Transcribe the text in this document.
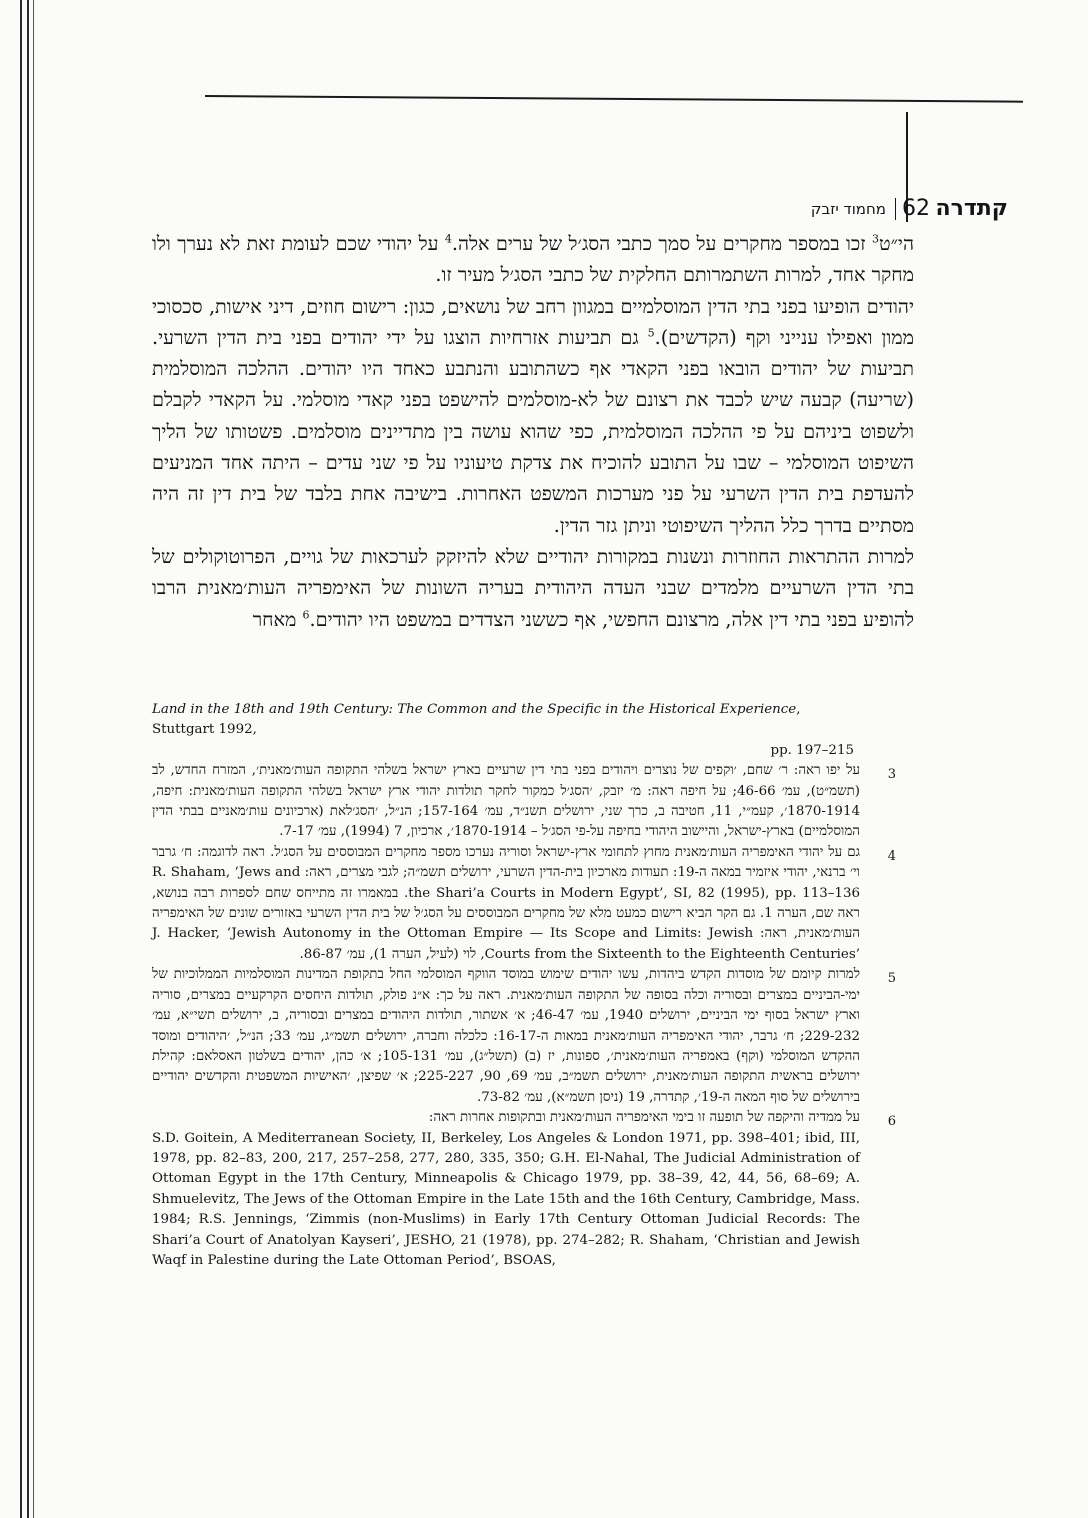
קתדרה
62
מחמוד יזבק

הי״ט$^3$ זכו במספר מחקרים על סמך כתבי הסג׳ל של ערים אלה.$^4$ על יהודי שכם לעומת זאת לא נערך ולו מחקר אחד, למרות השתמרותם החלקית של כתבי הסג׳ל מעיר זו.

יהודים הופיעו בפני בתי הדין המוסלמיים במגוון רחב של נושאים, כגון: רישום חוזים, דיני אישות, סכסוכי ממון ואפילו ענייני וקף (הקדשים).$^5$ גם תביעות אזרחיות הוצגו על ידי יהודים בפני בית הדין השרעי. תביעות של יהודים הובאו בפני הקאדי אף כשהתובע והנתבע כאחד היו יהודים. ההלכה המוסלמית (שריעה) קבעה שיש לכבד את רצונם של לא-מוסלמים להישפט בפני קאדי מוסלמי. על הקאדי לקבלם ולשפוט ביניהם על פי ההלכה המוסלמית, כפי שהוא עושה בין מתדיינים מוסלמים. פשטותו של הליך השיפוט המוסלמי – שבו על התובע להוכיח את צדקת טיעוניו על פי שני עדים – היתה אחד המניעים להעדפת בית הדין השרעי על פני מערכות המשפט האחרות. בישיבה אחת בלבד של בית דין זה היה מסתיים בדרך כלל ההליך השיפוטי וניתן גזר הדין.

למרות ההתראות החוזרות ונשנות במקורות יהודיים שלא להיזקק לערכאות של גויים, הפרוטוקולים של בתי הדין השרעיים מלמדים שבני העדה היהודית בעריה השונות של האימפריה העות׳מאנית הרבו להופיע בפני בתי דין אלה, מרצונם החפשי, אף כששני הצדדים במשפט היו יהודים.$^6$ מאחר

Land in the 18th and 19th Century: The Common and the Specific in the Historical Experience, Stuttgart 1992,
pp. 197–215
3
על יפו ראה: ר׳ שחם, ׳וקפים של נוצרים ויהודים בפני בתי דין שרעיים בארץ ישראל בשלהי התקופה העות׳מאנית׳, המזרח החדש, לב (תשמ״ט), עמ׳ 46-66; על חיפה ראה: מ׳ יזבק, ׳הסג׳ל כמקור לחקר תולדות יהודי ארץ ישראל בשלהי התקופה העות׳מאנית: חיפה, 1870-1914׳, קעמ״י, 11, חטיבה ב, כרך שני, ירושלים תשנ״ד, עמ׳ 157-164; הנ״ל, ׳הסג׳לאת (ארכיונים עות׳מאניים בבתי הדין המוסלמיים) בארץ-ישראל, והיישוב היהודי בחיפה על-פי הסג׳ל – 1870-1914׳, ארכיון, 7 (1994), עמ׳ 7-17.
4
גם על יהודי האימפריה העות׳מאנית מחוץ לתחומי ארץ-ישראל וסוריה נערכו מספר מחקרים המבוססים על הסג׳ל. ראה לדוגמה: ח׳ גרבר וי׳ ברנאי, יהודי איזמיר במאה ה-19: תעודות מארכיון בית-הדין השרעי, ירושלים תשמ״ה; לגבי מצרים, ראה: R. Shaham, ‘Jews and the Shari’a Courts in Modern Egypt’, SI, 82 (1995), pp. 113–136. במאמרו זה מתייחס שחם לספרות רבה בנושא, ראה שם, הערה 1. גם הקר הביא רישום כמעט מלא של מחקרים המבוססים על הסג׳ל של בית הדין השרעי באזורים שונים של האימפריה העות׳מאנית, ראה: J. Hacker, ‘Jewish Autonomy in the Ottoman Empire — Its Scope and Limits: Jewish Courts from the Sixteenth to the Eighteenth Centuries’, לוי (לעיל, הערה 1), עמ׳ 86-87.
5
למרות קיומם של מוסדות הקדש ביהדות, עשו יהודים שימוש במוסד הווקף המוסלמי החל בתקופת המדינות המוסלמיות הממלוכיות של ימי-הביניים במצרים ובסוריה וכלה בסופה של התקופה העות׳מאנית. ראה על כך: א״נ פולק, תולדות היחסים הקרקעיים במצרים, סוריה וארץ ישראל בסוף ימי הביניים, ירושלים 1940, עמ׳ 46-47; א׳ אשתור, תולדות היהודים במצרים ובסוריה, ב, ירושלים תשי״א, עמ׳ 229-232; ח׳ גרבר, יהודי האימפריה העות׳מאנית במאות ה-16-17: כלכלה וחברה, ירושלים תשמ״ג, עמ׳ 33; הנ״ל, ׳היהודים ומוסד ההקדש המוסלמי (וקף) באמפריה העות׳מאנית׳, ספונות, יז (ב) (תשל״ג), עמ׳ 105-131; א׳ כהן, יהודים בשלטון האסלאם: קהילת ירושלים בראשית התקופה העות׳מאנית, ירושלים תשמ״ב, עמ׳ 69, 90, 225-227; א׳ שפיצן, ׳האישיות המשפטית והקדשים יהודיים בירושלים של סוף המאה ה-19׳, קתדרה, 19 (ניסן תשמ״א), עמ׳ 73-82.
6
על ממדיה והיקפה של תופעה זו בימי האימפריה העות׳מאנית ובתקופות אחרות ראה:
S.D. Goitein, A Mediterranean Society, II, Berkeley, Los Angeles & London 1971, pp. 398–401; ibid, III, 1978, pp. 82–83, 200, 217, 257–258, 277, 280, 335, 350; G.H. El-Nahal, The Judicial Administration of Ottoman Egypt in the 17th Century, Minneapolis & Chicago 1979, pp. 38–39, 42, 44, 56, 68–69; A. Shmuelevitz, The Jews of the Ottoman Empire in the Late 15th and the 16th Century, Cambridge, Mass. 1984; R.S. Jennings, ‘Zimmis (non-Muslims) in Early 17th Century Ottoman Judicial Records: The Shari’a Court of Anatolyan Kayseri’, JESHO, 21 (1978), pp. 274–282; R. Shaham, ‘Christian and Jewish Waqf in Palestine during the Late Ottoman Period’, BSOAS,
